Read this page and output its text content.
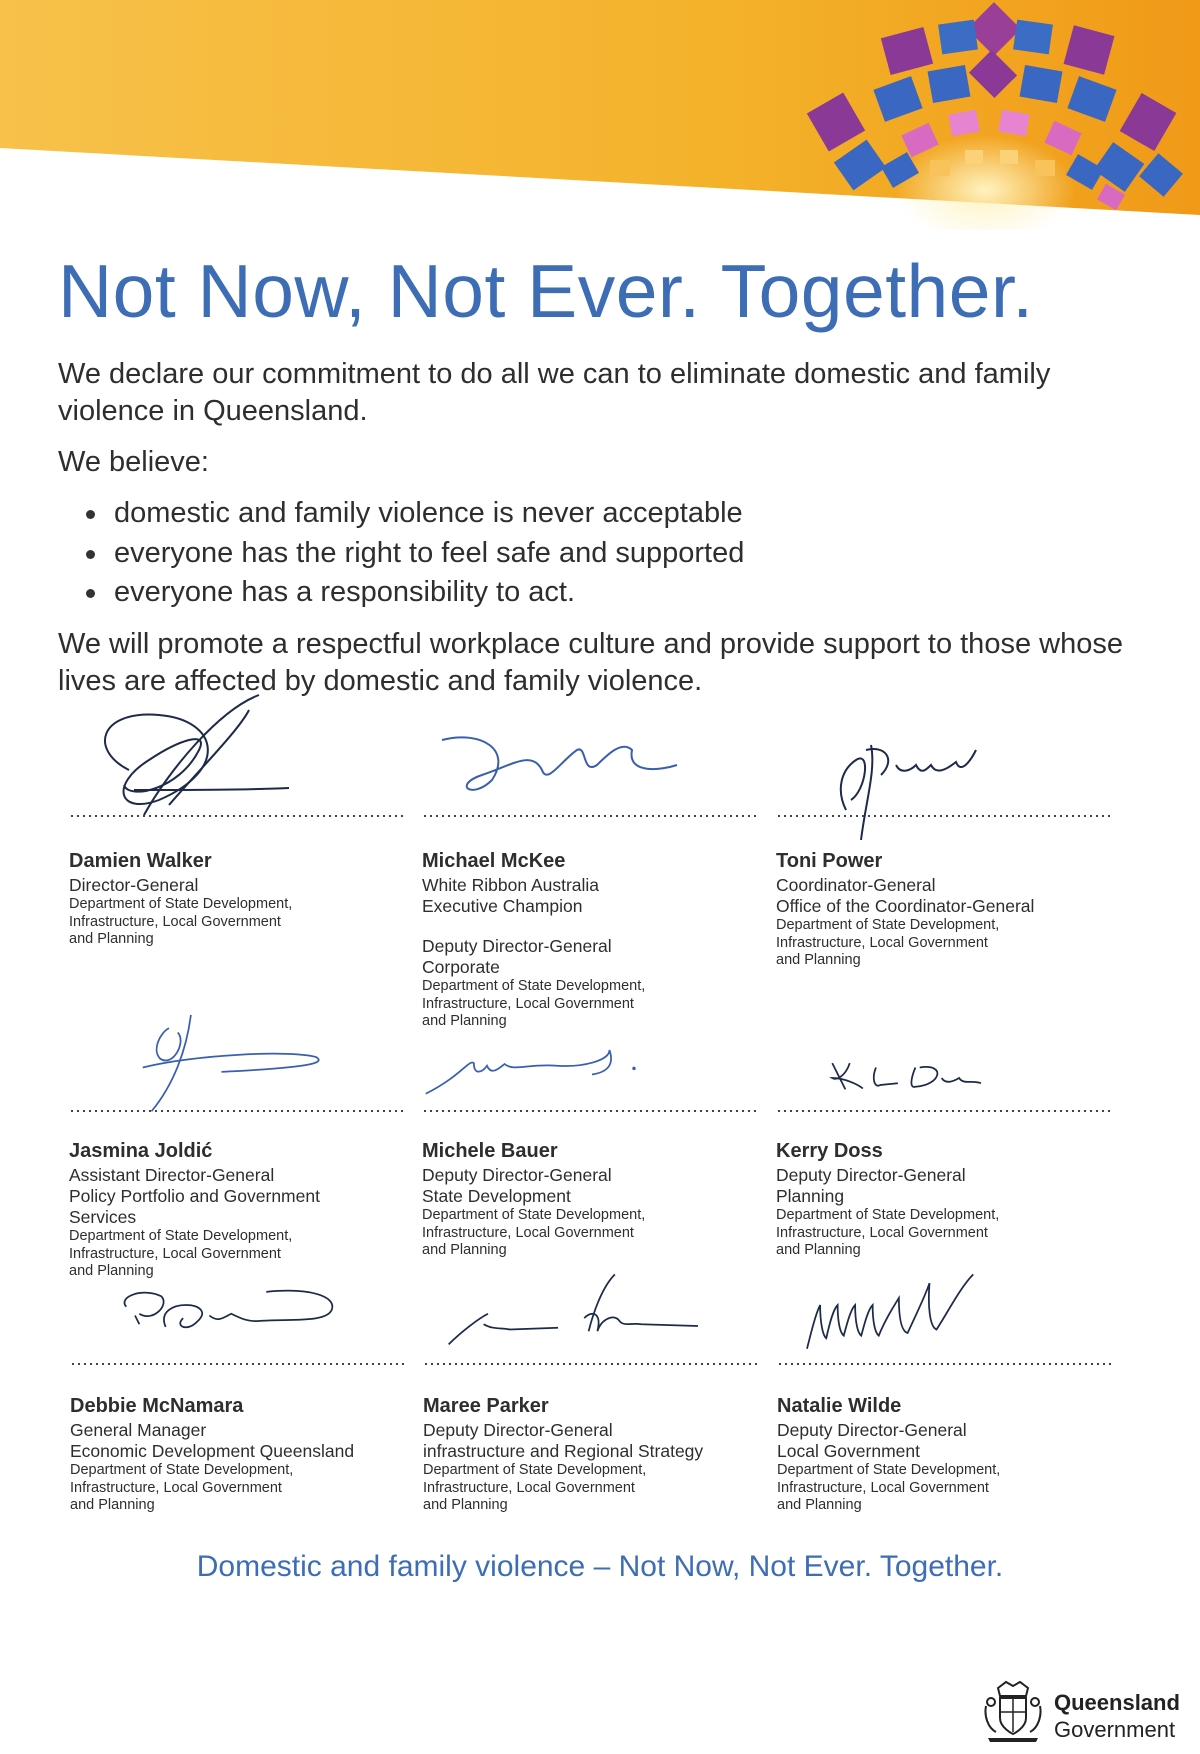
Not Now, Not Ever. Together.

We declare our commitment to do all we can to eliminate domestic and family violence in Queensland.

We believe:

domestic and family violence is never acceptable
everyone has the right to feel safe and supported
everyone has a responsibility to act.

We will promote a respectful workplace culture and provide support to those whose lives are affected by domestic and family violence.

Damien Walker
Director-General
Department of State Development,
Infrastructure, Local Government
and Planning
Michael McKee
White Ribbon Australia
Executive Champion
Deputy Director-General
Corporate
Department of State Development,
Infrastructure, Local Government
and Planning
Toni Power
Coordinator-General
Office of the Coordinator-General
Department of State Development,
Infrastructure, Local Government
and Planning
Jasmina Joldić
Assistant Director-General
Policy Portfolio and Government
Services
Department of State Development,
Infrastructure, Local Government
and Planning
Michele Bauer
Deputy Director-General
State Development
Department of State Development,
Infrastructure, Local Government
and Planning
Kerry Doss
Deputy Director-General
Planning
Department of State Development,
Infrastructure, Local Government
and Planning
Debbie McNamara
General Manager
Economic Development Queensland
Department of State Development,
Infrastructure, Local Government
and Planning
Maree Parker
Deputy Director-General
infrastructure and Regional Strategy
Department of State Development,
Infrastructure, Local Government
and Planning
Natalie Wilde
Deputy Director-General
Local Government
Department of State Development,
Infrastructure, Local Government
and Planning

Domestic and family violence – Not Now, Not Ever. Together.

Queensland
Government
